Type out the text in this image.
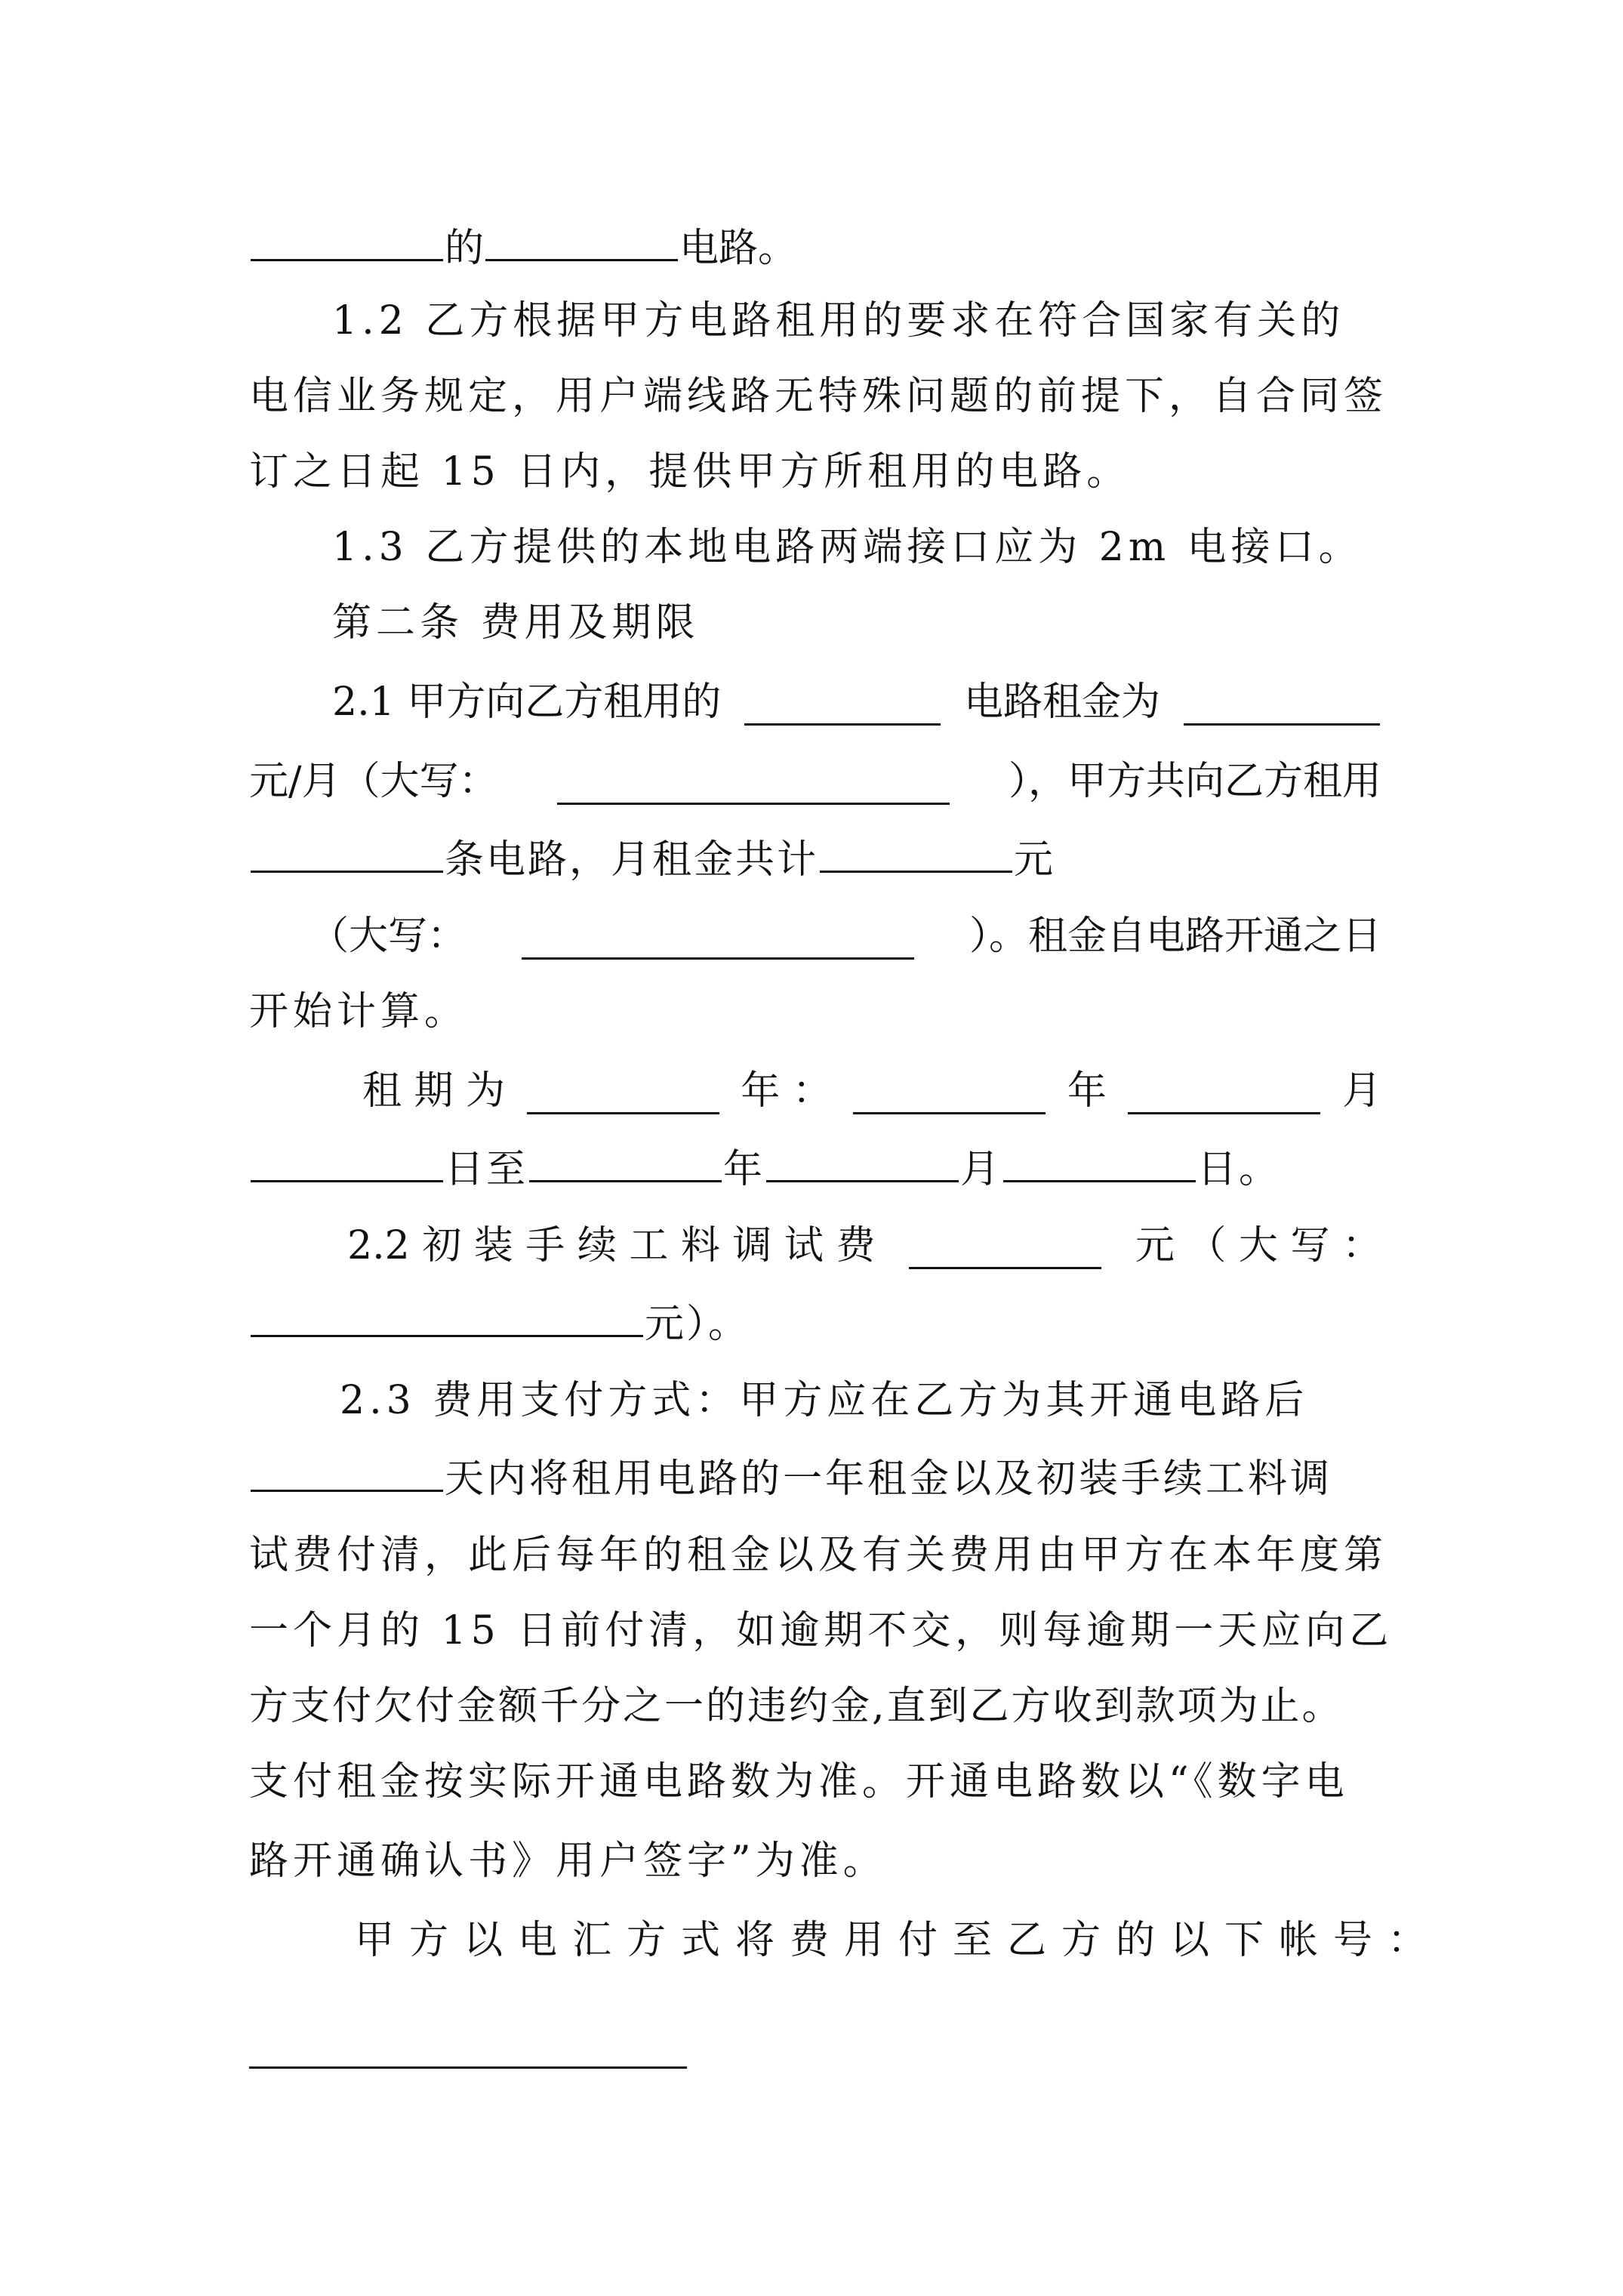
的	电路。
1.2 乙方根据甲方电路租用的要求在符合国家有关的
电信业务规定，用户端线路无特殊问题的前提下，自合同签
订之日起 15 日内，提供甲方所租用的电路。
1.3 乙方提供的本地电路两端接口应为 2m 电接口。
第二条 费用及期限
2.1 甲方向乙方租用的	电路租金为
元/月（大写：	），甲方共向乙方租用
条电路，月租金共计	元
（大写：	）。租金自电路开通之日
开始计算。
租 期 为	年 ：	年	月
日至	年	月	日。
2.2 初 装 手 续 工 料 调 试 费	元 （ 大 写 ：
元）。
2.3 费用支付方式：甲方应在乙方为其开通电路后
天内将租用电路的一年租金以及初装手续工料调
试费付清，此后每年的租金以及有关费用由甲方在本年度第
一个月的 15 日前付清，如逾期不交，则每逾期一天应向乙
方支付欠付金额千分之一的违约金,直到乙方收到款项为止。
支付租金按实际开通电路数为准。开通电路数以“《数字电
路开通确认书》用户签字”为准。
甲方以电汇方式将费用付至乙方的以下帐号：
